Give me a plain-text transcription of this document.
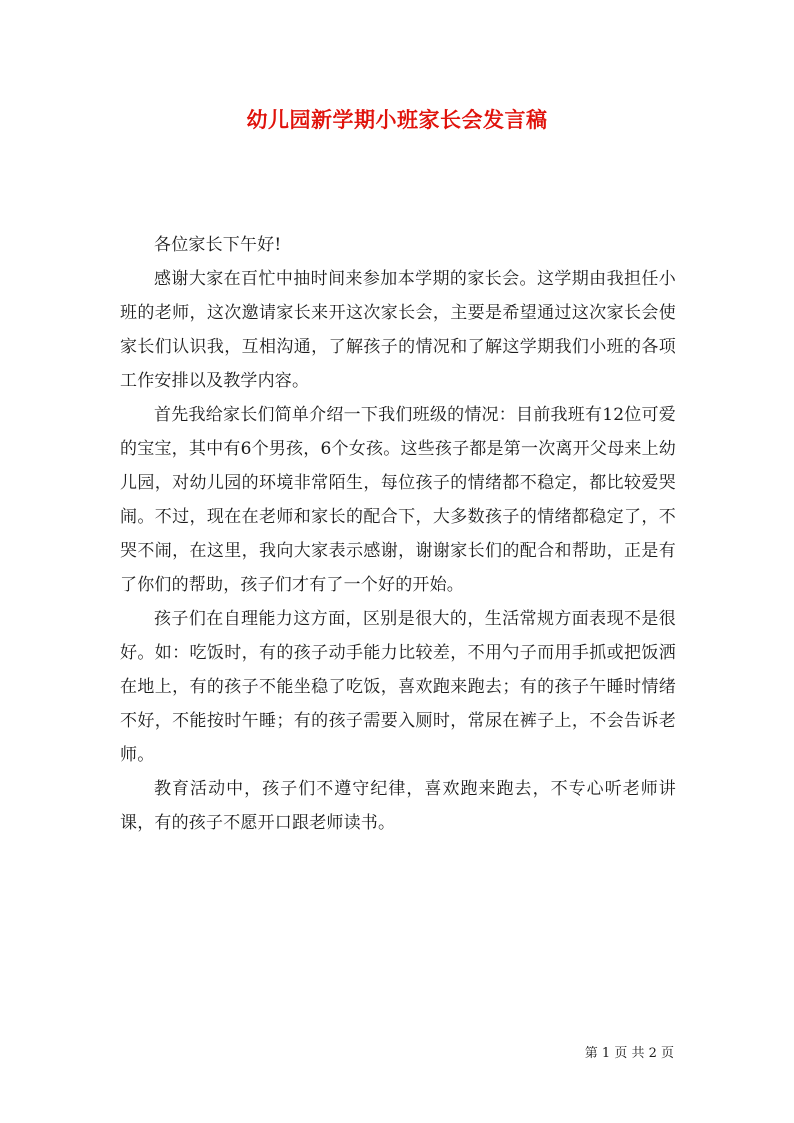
幼儿园新学期小班家长会发言稿

各位家长下午好!

感谢大家在百忙中抽时间来参加本学期的家长会。这学期由我担任小班的老师，这次邀请家长来开这次家长会，主要是希望通过这次家长会使家长们认识我，互相沟通，了解孩子的情况和了解这学期我们小班的各项工作安排以及教学内容。

首先我给家长们简单介绍一下我们班级的情况：目前我班有12位可爱的宝宝，其中有6个男孩，6个女孩。这些孩子都是第一次离开父母来上幼儿园，对幼儿园的环境非常陌生，每位孩子的情绪都不稳定，都比较爱哭闹。不过，现在在老师和家长的配合下，大多数孩子的情绪都稳定了，不哭不闹，在这里，我向大家表示感谢，谢谢家长们的配合和帮助，正是有了你们的帮助，孩子们才有了一个好的开始。

孩子们在自理能力这方面，区别是很大的，生活常规方面表现不是很好。如：吃饭时，有的孩子动手能力比较差，不用勺子而用手抓或把饭洒在地上，有的孩子不能坐稳了吃饭，喜欢跑来跑去；有的孩子午睡时情绪不好，不能按时午睡；有的孩子需要入厕时，常尿在裤子上，不会告诉老师。

教育活动中，孩子们不遵守纪律，喜欢跑来跑去，不专心听老师讲课，有的孩子不愿开口跟老师读书。

第 1 页 共 2 页
